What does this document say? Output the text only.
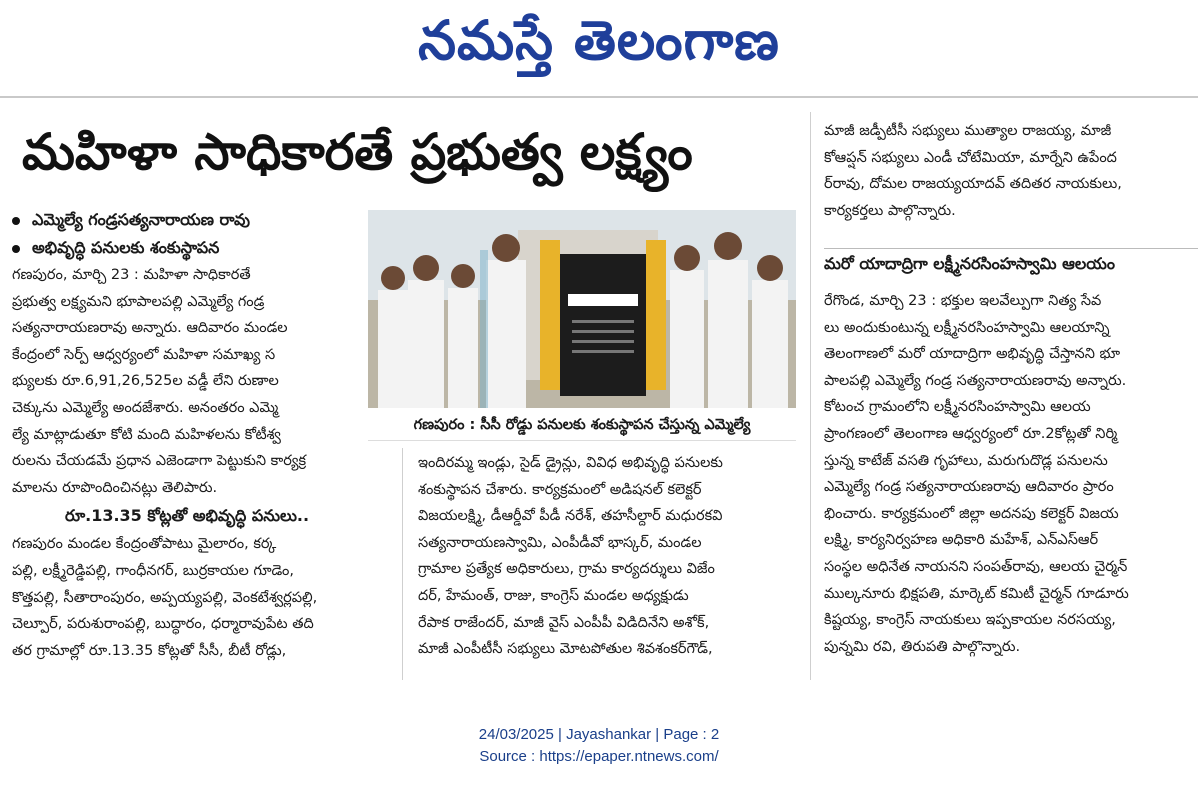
నమస్తే తెలంగాణ
మహిళా సాధికారతే ప్రభుత్వ లక్ష్యం
ఎమ్మెల్యే గండ్రసత్యనారాయణ రావు
అభివృద్ధి పనులకు శంకుస్థాపన

గణపురం, మార్చి 23 : మహిళా సాధికారతే

ప్రభుత్వ లక్ష్యమని భూపాలపల్లి ఎమ్మెల్యే గండ్ర

సత్యనారాయణరావు అన్నారు. ఆదివారం మండల

కేంద్రంలో సెర్ప్ ఆధ్వర్యంలో మహిళా సమాఖ్య స

భ్యులకు రూ.6,91,26,525ల వడ్డీ లేని రుణాల

చెక్కును ఎమ్మెల్యే అందజేశారు. అనంతరం ఎమ్మె

ల్యే మాట్లాడుతూ కోటి మంది మహిళలను కోటీశ్వ

రులను చేయడమే ప్రధాన ఎజెండాగా పెట్టుకుని కార్యక్ర

మాలను రూపొందించినట్లు తెలిపారు.

రూ.13.35 కోట్లతో అభివృద్ధి పనులు..

గణపురం మండల కేంద్రంతోపాటు మైలారం, కర్క

పల్లి, లక్ష్మీరెడ్డిపల్లి, గాంధీనగర్, బుర్రకాయల గూడెం,

కొత్తపల్లి, సీతారాంపురం, అప్పయ్యపల్లి, వెంకటేశ్వర్లపల్లి,

చెల్పూర్, పరుశురాంపల్లి, బుద్ధారం, ధర్మారావుపేట తది

తర గ్రామాల్లో రూ.13.35 కోట్లతో సీసీ, బీటీ రోడ్లు,

గణపురం : సీసీ రోడ్డు పనులకు శంకుస్థాపన చేస్తున్న ఎమ్మెల్యే

ఇందిరమ్మ ఇండ్లు, సైడ్ డ్రైన్లు, వివిధ అభివృద్ధి పనులకు

శంకుస్థాపన చేశారు. కార్యక్రమంలో అడిషనల్ కలెక్టర్

విజయలక్ష్మి, డీఆర్డీవో పీడీ నరేశ్, తహసీల్దార్ మధురకవి

సత్యనారాయణస్వామి, ఎంపీడీవో భాస్కర్, మండల

గ్రామాల ప్రత్యేక అధికారులు, గ్రామ కార్యదర్శులు విజేం

దర్, హేమంత్, రాజు, కాంగ్రెస్ మండల అధ్యక్షుడు

రేపాక రాజేందర్, మాజీ వైస్ ఎంపీపీ విడిదినేని అశోక్,

మాజీ ఎంపీటీసీ సభ్యులు మోటపోతుల శివశంకర్‌గౌడ్,

మాజీ జడ్పీటీసీ సభ్యులు ముత్యాల రాజయ్య, మాజీ

కోఆప్షన్ సభ్యులు ఎండీ చోటేమియా, మార్నేని ఉపేంద

ర్‌రావు, దోమల రాజయ్యయాదవ్ తదితర నాయకులు,

కార్యకర్తలు పాల్గొన్నారు.

మరో యాదాద్రిగా లక్ష్మీనరసింహస్వామి ఆలయం

రేగొండ, మార్చి 23 : భక్తుల ఇలవేల్పుగా నిత్య సేవ

లు అందుకుంటున్న లక్ష్మీనరసింహస్వామి ఆలయాన్ని

తెలంగాణలో మరో యాదాద్రిగా అభివృద్ధి చేస్తానని భూ

పాలపల్లి ఎమ్మెల్యే గండ్ర సత్యనారాయణరావు అన్నారు.

కోటంచ గ్రామంలోని లక్ష్మీనరసింహస్వామి ఆలయ

ప్రాంగణంలో తెలంగాణ ఆధ్వర్యంలో రూ.2కోట్లతో నిర్మి

స్తున్న కాటేజ్ వసతి గృహాలు, మరుగుదొడ్ల పనులను

ఎమ్మెల్యే గండ్ర సత్యనారాయణరావు ఆదివారం ప్రారం

భించారు. కార్యక్రమంలో జిల్లా అదనపు కలెక్టర్ విజయ

లక్ష్మి, కార్యనిర్వహణ అధికారి మహేశ్, ఎన్ఎస్ఆర్

సంస్థల అధినేత నాయనని సంపత్‌రావు, ఆలయ చైర్మన్

ముల్కనూరు భిక్షపతి, మార్కెట్ కమిటీ చైర్మన్ గూడూరు

కిష్టయ్య, కాంగ్రెస్ నాయకులు ఇప్పకాయల నరసయ్య,

పున్నమి రవి, తిరుపతి పాల్గొన్నారు.

24/03/2025 | Jayashankar | Page : 2
Source : https://epaper.ntnews.com/
